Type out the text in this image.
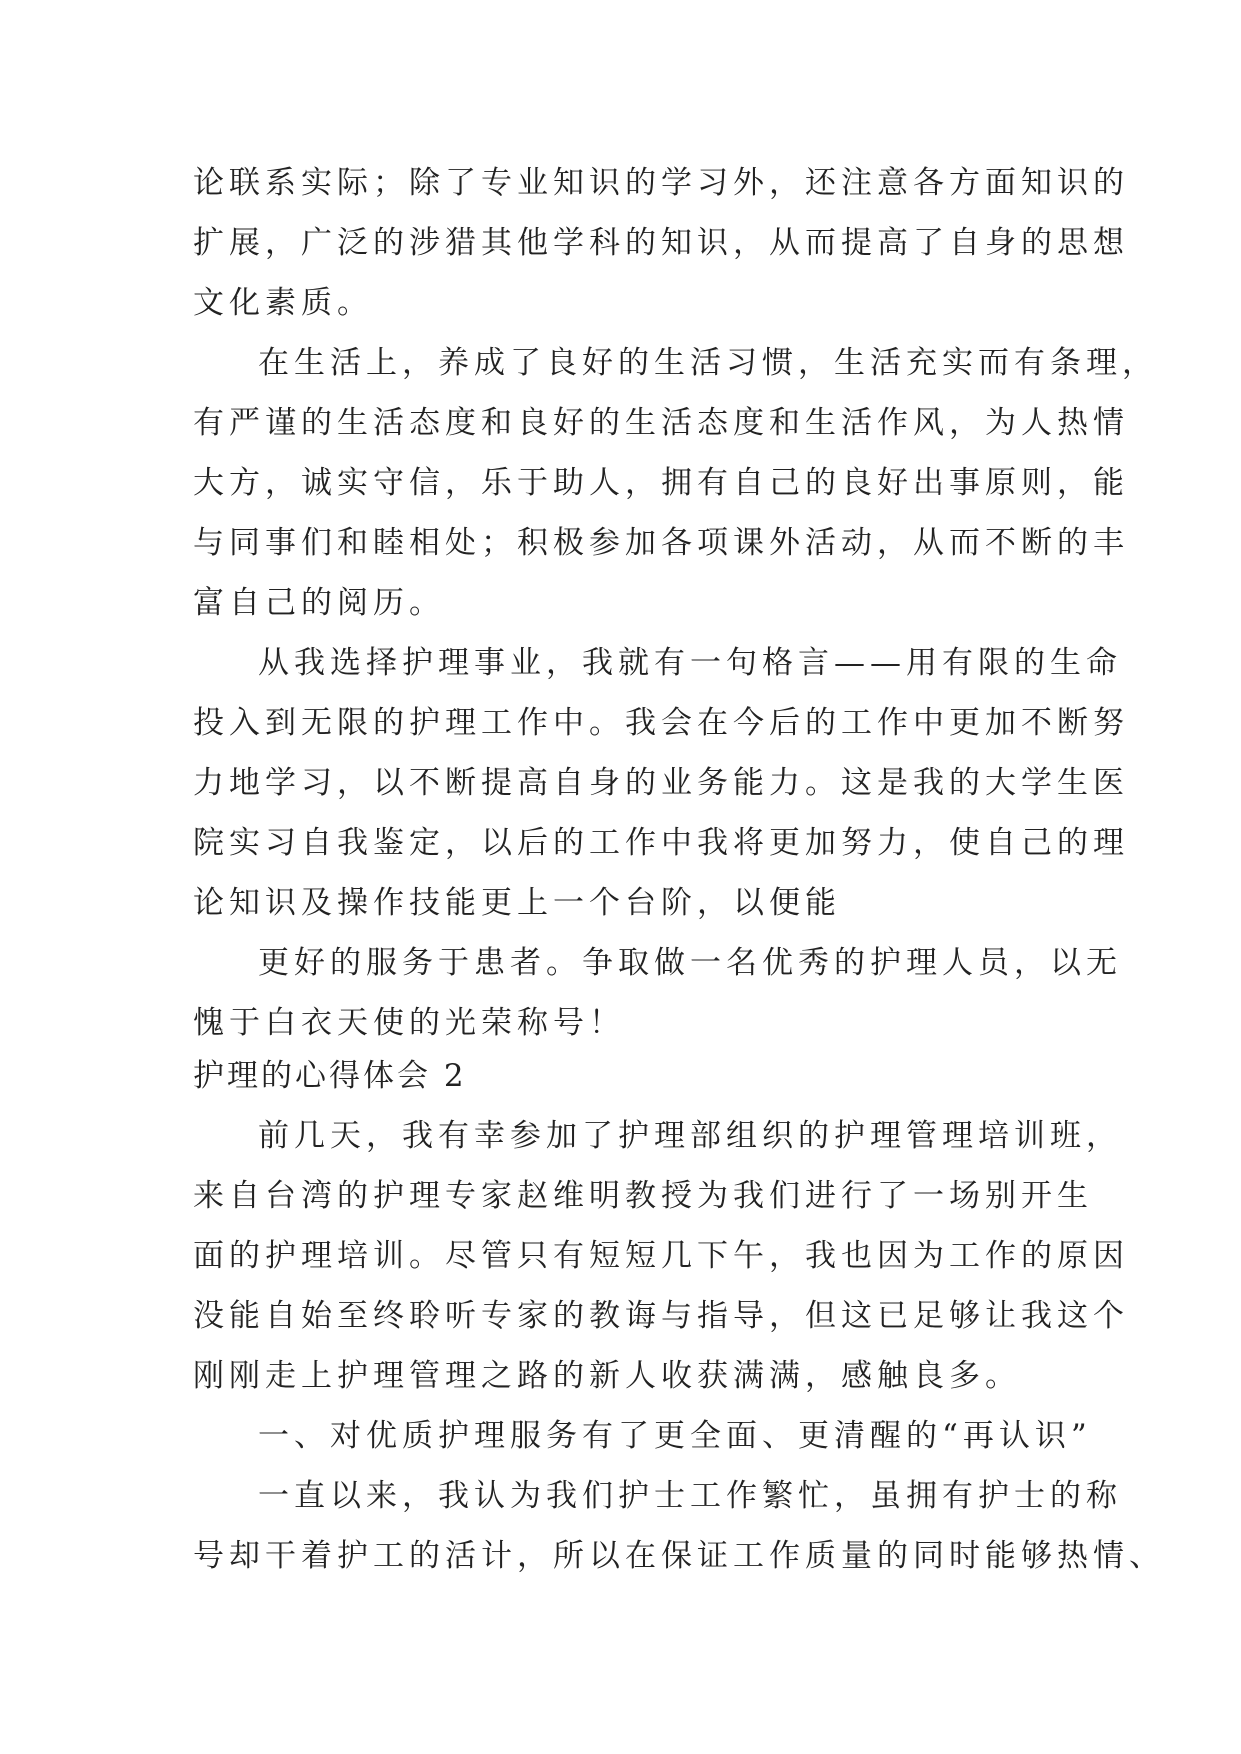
论联系实际；除了专业知识的学习外，还注意各方面知识的

扩展，广泛的涉猎其他学科的知识，从而提高了自身的思想

文化素质。

在生活上，养成了良好的生活习惯，生活充实而有条理，

有严谨的生活态度和良好的生活态度和生活作风，为人热情

大方，诚实守信，乐于助人，拥有自己的良好出事原则，能

与同事们和睦相处；积极参加各项课外活动，从而不断的丰

富自己的阅历。

从我选择护理事业，我就有一句格言——用有限的生命

投入到无限的护理工作中。我会在今后的工作中更加不断努

力地学习，以不断提高自身的业务能力。这是我的大学生医

院实习自我鉴定，以后的工作中我将更加努力，使自己的理

论知识及操作技能更上一个台阶，以便能

更好的服务于患者。争取做一名优秀的护理人员，以无

愧于白衣天使的光荣称号！

护理的心得体会 2

前几天，我有幸参加了护理部组织的护理管理培训班，

来自台湾的护理专家赵维明教授为我们进行了一场别开生

面的护理培训。尽管只有短短几下午，我也因为工作的原因

没能自始至终聆听专家的教诲与指导，但这已足够让我这个

刚刚走上护理管理之路的新人收获满满，感触良多。

一、对优质护理服务有了更全面、更清醒的“再认识”

一直以来，我认为我们护士工作繁忙，虽拥有护士的称

号却干着护工的活计，所以在保证工作质量的同时能够热情、
